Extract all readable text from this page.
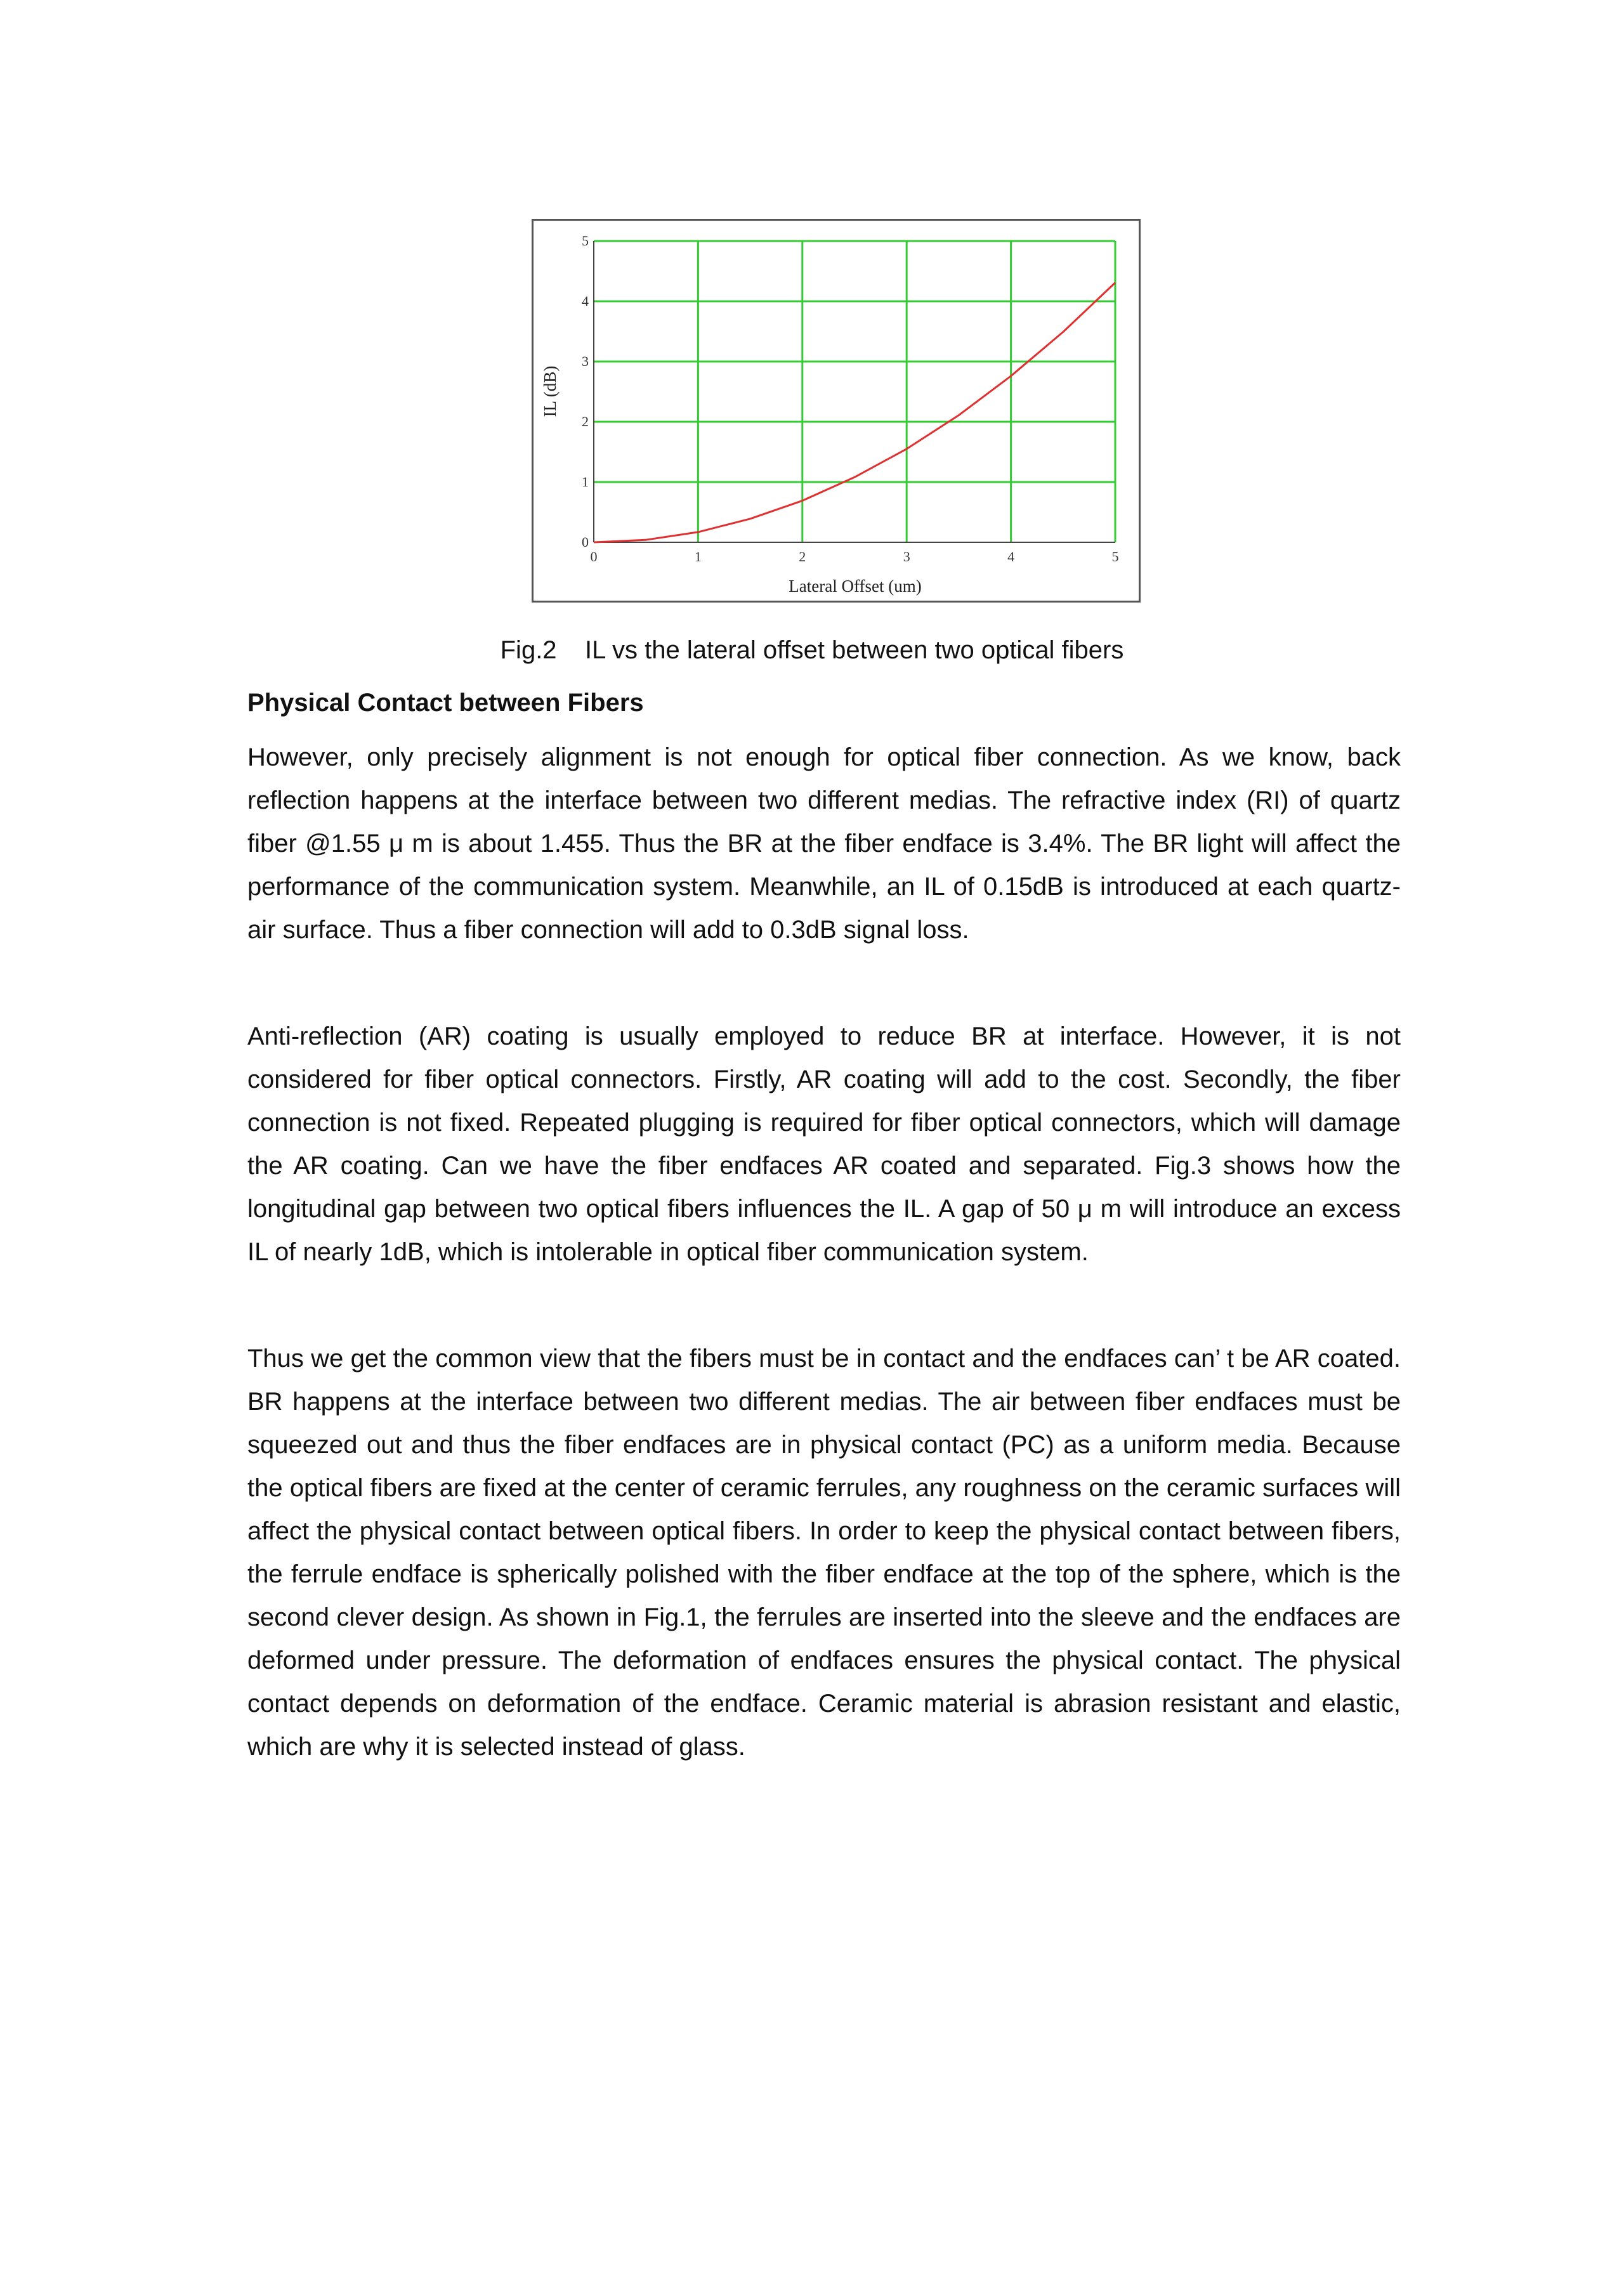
0	1	2	3	4	5
0
1
2
3
4
5
Lateral Offset (um)
IL (dB)
Fig.2 IL vs the lateral offset between two optical fibers
Physical Contact between Fibers

However, only precisely alignment is not enough for optical fiber connection. As we know, back reflection happens at the interface between two different medias. The refractive index (RI) of quartz fiber @1.55 μ m is about 1.455. Thus the BR at the fiber endface is 3.4%. The BR light will affect the performance of the communication system. Meanwhile, an IL of 0.15dB is introduced at each quartz-air surface. Thus a fiber connection will add to 0.3dB signal loss.

Anti-reflection (AR) coating is usually employed to reduce BR at interface. However, it is not considered for fiber optical connectors. Firstly, AR coating will add to the cost. Secondly, the fiber connection is not fixed. Repeated plugging is required for fiber optical connectors, which will damage the AR coating. Can we have the fiber endfaces AR coated and separated. Fig.3 shows how the longitudinal gap between two optical fibers influences the IL. A gap of 50 μ m will introduce an excess IL of nearly 1dB, which is intolerable in optical fiber communication system.

Thus we get the common view that the fibers must be in contact and the endfaces can’ t be AR coated. BR happens at the interface between two different medias. The air between fiber endfaces must be squeezed out and thus the fiber endfaces are in physical contact (PC) as a uniform media. Because the optical fibers are fixed at the center of ceramic ferrules, any roughness on the ceramic surfaces will affect the physical contact between optical fibers. In order to keep the physical contact between fibers, the ferrule endface is spherically polished with the fiber endface at the top of the sphere, which is the second clever design. As shown in Fig.1, the ferrules are inserted into the sleeve and the endfaces are deformed under pressure. The deformation of endfaces ensures the physical contact. The physical contact depends on deformation of the endface. Ceramic material is abrasion resistant and elastic, which are why it is selected instead of glass.
